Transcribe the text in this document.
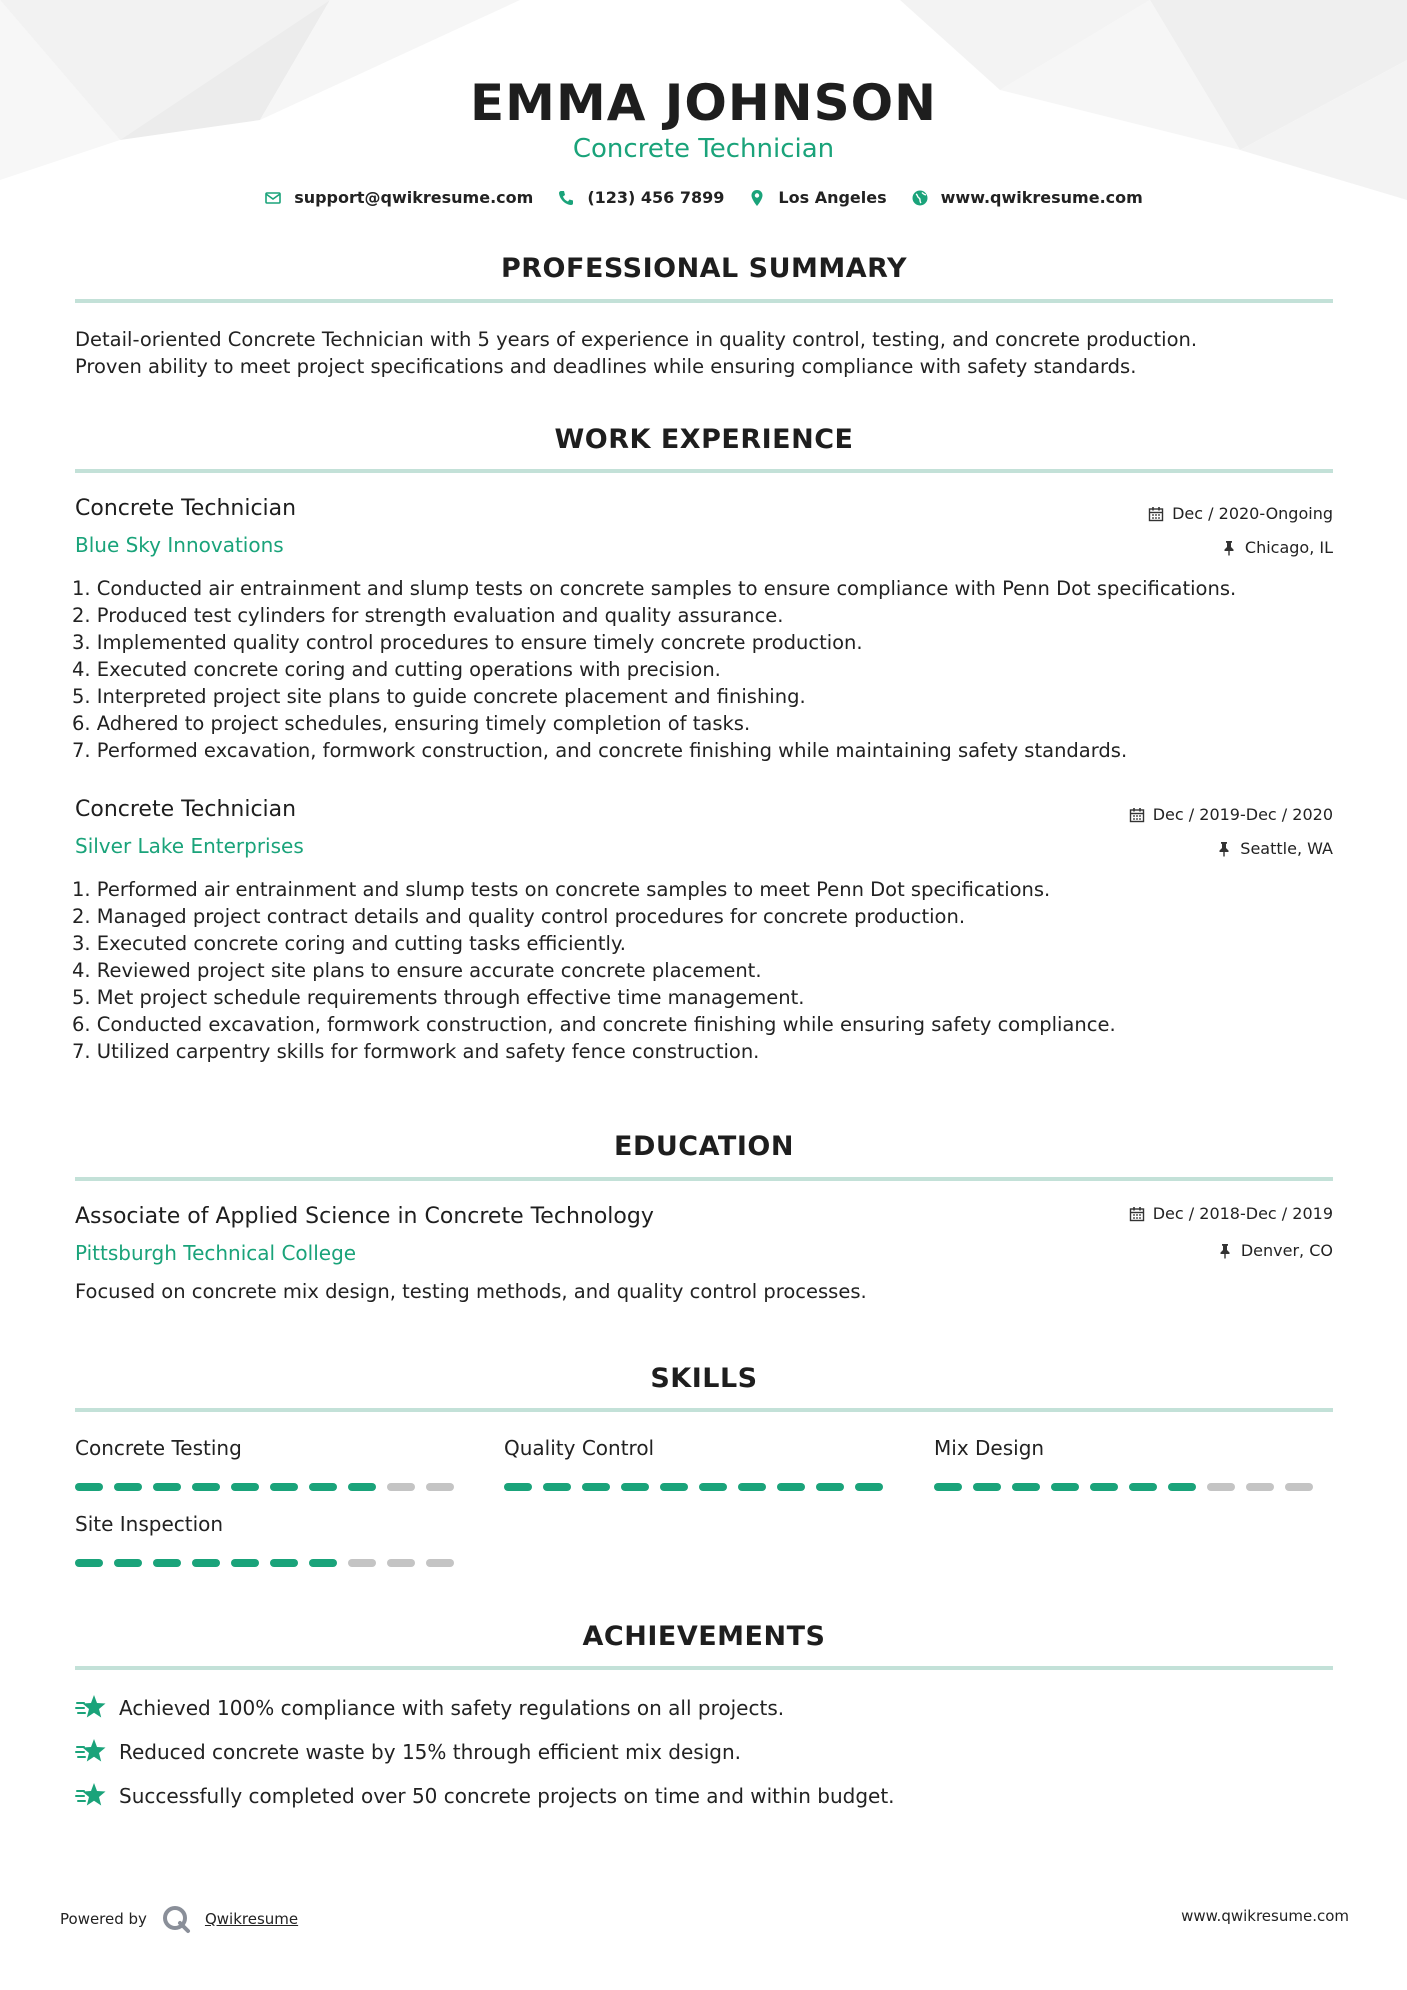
EMMA JOHNSON
Concrete Technician
support@qwikresume.com	(123) 456 7899	Los Angeles	www.qwikresume.com
PROFESSIONAL SUMMARY
Detail-oriented Concrete Technician with 5 years of experience in quality control, testing, and concrete production.
Proven ability to meet project specifications and deadlines while ensuring compliance with safety standards.
WORK EXPERIENCE
Concrete Technician	Dec / 2020-Ongoing
Blue Sky Innovations	Chicago, IL
1. Conducted air entrainment and slump tests on concrete samples to ensure compliance with Penn Dot specifications.
2. Produced test cylinders for strength evaluation and quality assurance.
3. Implemented quality control procedures to ensure timely concrete production.
4. Executed concrete coring and cutting operations with precision.
5. Interpreted project site plans to guide concrete placement and finishing.
6. Adhered to project schedules, ensuring timely completion of tasks.
7. Performed excavation, formwork construction, and concrete finishing while maintaining safety standards.
Concrete Technician	Dec / 2019-Dec / 2020
Silver Lake Enterprises	Seattle, WA
1. Performed air entrainment and slump tests on concrete samples to meet Penn Dot specifications.
2. Managed project contract details and quality control procedures for concrete production.
3. Executed concrete coring and cutting tasks efficiently.
4. Reviewed project site plans to ensure accurate concrete placement.
5. Met project schedule requirements through effective time management.
6. Conducted excavation, formwork construction, and concrete finishing while ensuring safety compliance.
7. Utilized carpentry skills for formwork and safety fence construction.
EDUCATION
Associate of Applied Science in Concrete Technology	Dec / 2018-Dec / 2019
Pittsburgh Technical College	Denver, CO
Focused on concrete mix design, testing methods, and quality control processes.
SKILLS
Concrete Testing	Quality Control	Mix Design
Site Inspection
ACHIEVEMENTS
Achieved 100% compliance with safety regulations on all projects.
Reduced concrete waste by 15% through efficient mix design.
Successfully completed over 50 concrete projects on time and within budget.
Powered by	Qwikresume	www.qwikresume.com
